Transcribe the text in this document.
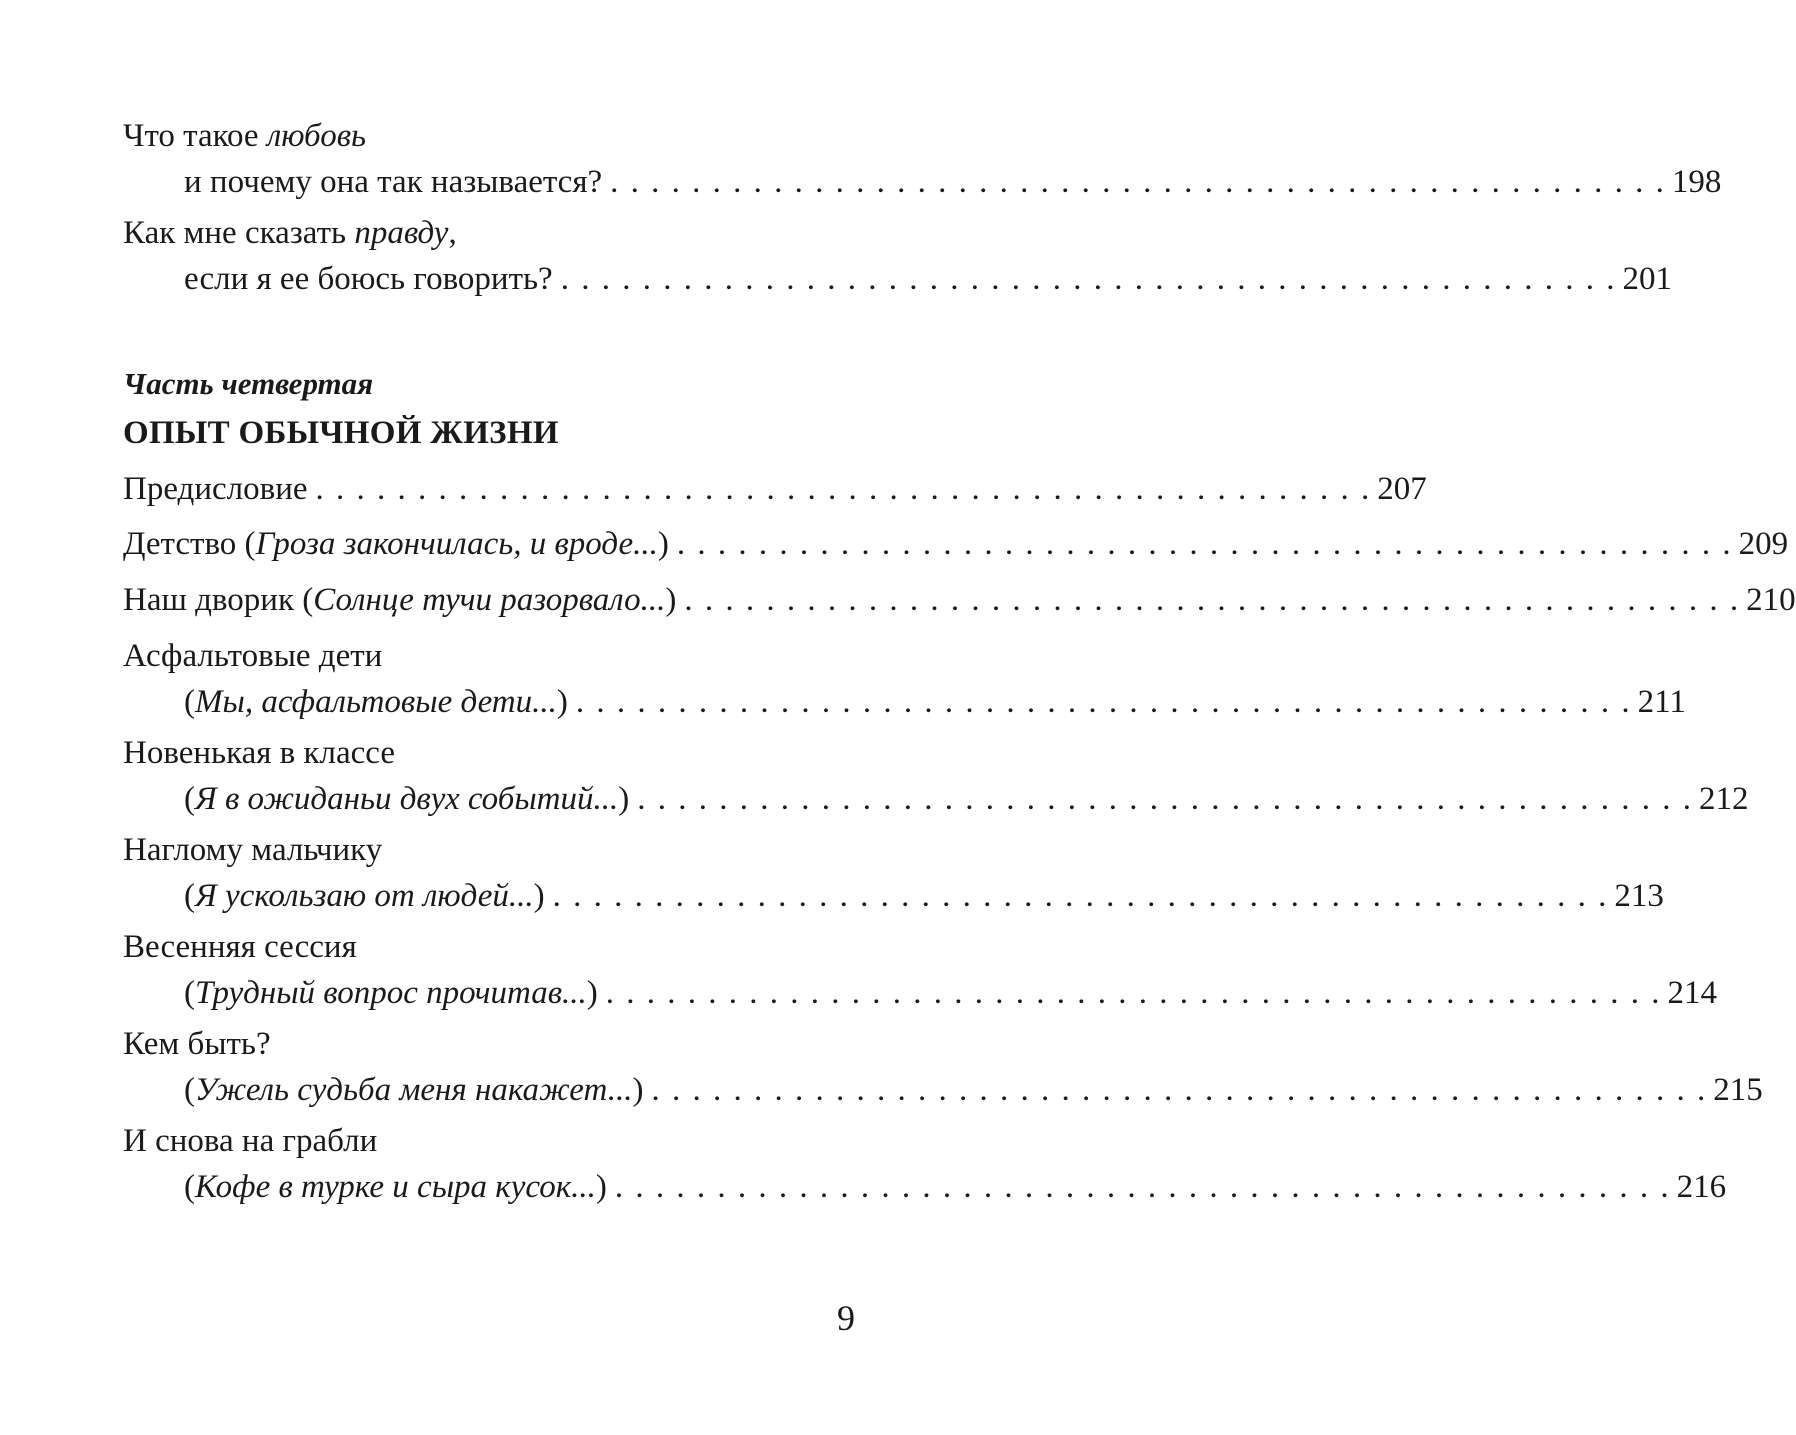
Что такое любовь
и почему она так называется? . . . . . . . . . . . . . . . . . . . . . . . . . . . . . . . . . . . . . . . . . . . . . . . . . . . . 198
Как мне сказать правду,
если я ее боюсь говорить? . . . . . . . . . . . . . . . . . . . . . . . . . . . . . . . . . . . . . . . . . . . . . . . . . . . . 201
Часть четвертая
ОПЫТ ОБЫЧНОЙ ЖИЗНИ
Предисловие . . . . . . . . . . . . . . . . . . . . . . . . . . . . . . . . . . . . . . . . . . . . . . . . . . . . 207
Детство (Гроза закончилась, и вроде...) . . . . . . . . . . . . . . . . . . . . . . . . . . . . . . . . . . . . . . . . . . . . . . . . . . . . 209
Наш дворик (Солнце тучи разорвало...) . . . . . . . . . . . . . . . . . . . . . . . . . . . . . . . . . . . . . . . . . . . . . . . . . . . . 210
Асфальтовые дети
(Мы, асфальтовые дети...) . . . . . . . . . . . . . . . . . . . . . . . . . . . . . . . . . . . . . . . . . . . . . . . . . . . . 211
Новенькая в классе
(Я в ожиданьи двух событий...) . . . . . . . . . . . . . . . . . . . . . . . . . . . . . . . . . . . . . . . . . . . . . . . . . . . . 212
Наглому мальчику
(Я ускользаю от людей...) . . . . . . . . . . . . . . . . . . . . . . . . . . . . . . . . . . . . . . . . . . . . . . . . . . . . 213
Весенняя сессия
(Трудный вопрос прочитав...) . . . . . . . . . . . . . . . . . . . . . . . . . . . . . . . . . . . . . . . . . . . . . . . . . . . . 214
Кем быть?
(Ужель судьба меня накажет...) . . . . . . . . . . . . . . . . . . . . . . . . . . . . . . . . . . . . . . . . . . . . . . . . . . . . 215
И снова на грабли
(Кофе в турке и сыра кусок...) . . . . . . . . . . . . . . . . . . . . . . . . . . . . . . . . . . . . . . . . . . . . . . . . . . . . 216
9
